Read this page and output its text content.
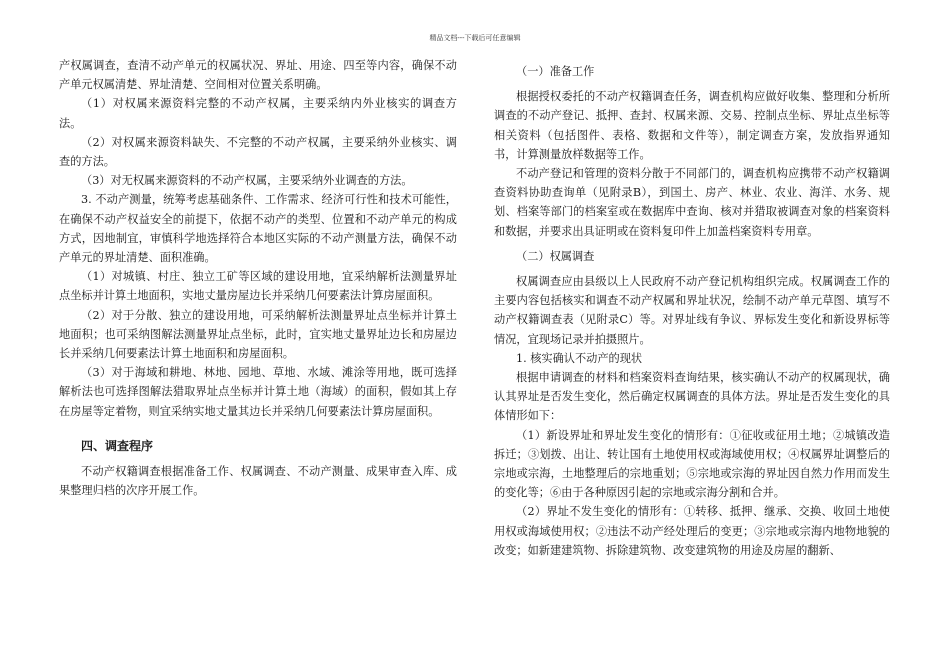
精品文档---下载后可任意编辑

产权属调查，查清不动产单元的权属状况、界址、用途、四至等内容，确保不动产单元权属清楚、界址清楚、空间相对位置关系明确。

（1）对权属来源资料完整的不动产权属，主要采纳内外业核实的调查方法。

（2）对权属来源资料缺失、不完整的不动产权属，主要采纳外业核实、调查的方法。

（3）对无权属来源资料的不动产权属，主要采纳外业调查的方法。

3. 不动产测量，统筹考虑基础条件、工作需求、经济可行性和技术可能性，在确保不动产权益安全的前提下，依据不动产的类型、位置和不动产单元的构成方式，因地制宜，审慎科学地选择符合本地区实际的不动产测量方法，确保不动产单元的界址清楚、面积准确。

（1）对城镇、村庄、独立工矿等区域的建设用地，宜采纳解析法测量界址点坐标并计算土地面积，实地丈量房屋边长并采纳几何要素法计算房屋面积。

（2）对于分散、独立的建设用地，可采纳解析法测量界址点坐标并计算土地面积；也可采纳图解法测量界址点坐标，此时，宜实地丈量界址边长和房屋边长并采纳几何要素法计算土地面积和房屋面积。

（3）对于海域和耕地、林地、园地、草地、水域、滩涂等用地，既可选择解析法也可选择图解法猎取界址点坐标并计算土地（海域）的面积，假如其上存在房屋等定着物，则宜采纳实地丈量其边长并采纳几何要素法计算房屋面积。

四、调查程序

不动产权籍调查根据准备工作、权属调查、不动产测量、成果审查入库、成果整理归档的次序开展工作。

（一）准备工作

根据授权委托的不动产权籍调查任务，调查机构应做好收集、整理和分析所调查的不动产登记、抵押、查封、权属来源、交易、控制点坐标、界址点坐标等相关资料（包括图件、表格、数据和文件等），制定调查方案，发放指界通知书，计算测量放样数据等工作。

不动产登记和管理的资料分散于不同部门的，调查机构应携带不动产权籍调查资料协助查询单（见附录B），到国土、房产、林业、农业、海洋、水务、规划、档案等部门的档案室或在数据库中查询、核对并猎取被调查对象的档案资料和数据，并要求出具证明或在资料复印件上加盖档案资料专用章。

（二）权属调查

权属调查应由县级以上人民政府不动产登记机构组织完成。权属调查工作的主要内容包括核实和调查不动产权属和界址状况，绘制不动产单元草图、填写不动产权籍调查表（见附录C）等。对界址线有争议、界标发生变化和新设界标等情况，宜现场记录并拍摄照片。

1. 核实确认不动产的现状

根据申请调查的材料和档案资料查询结果，核实确认不动产的权属现状，确认其界址是否发生变化，然后确定权属调查的具体方法。界址是否发生变化的具体情形如下：

（1）新设界址和界址发生变化的情形有：①征收或征用土地；②城镇改造拆迁；③划拨、出让、转让国有土地使用权或海域使用权；④权属界址调整后的宗地或宗海，土地整理后的宗地重划；⑤宗地或宗海的界址因自然力作用而发生的变化等；⑥由于各种原因引起的宗地或宗海分割和合并。

（2）界址不发生变化的情形有：①转移、抵押、继承、交换、收回土地使用权或海域使用权；②违法不动产经处理后的变更；③宗地或宗海内地物地貌的改变；如新建建筑物、拆除建筑物、改变建筑物的用途及房屋的翻新、
